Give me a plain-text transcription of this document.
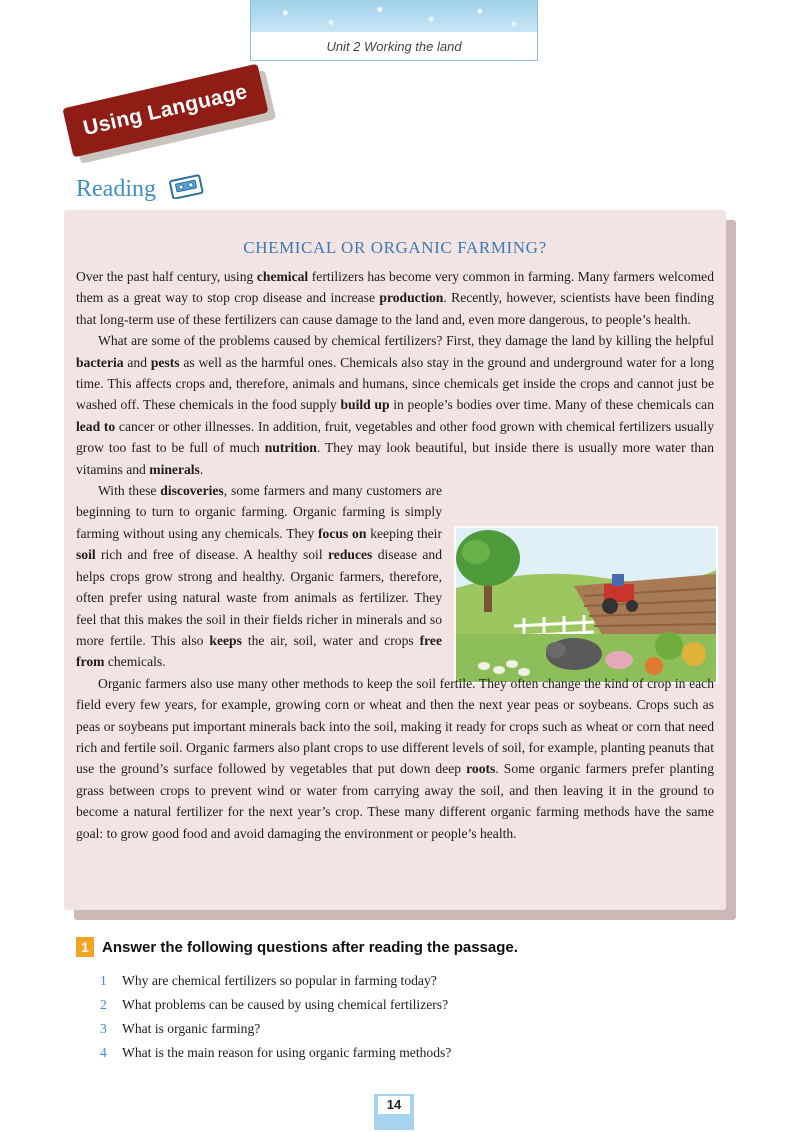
Unit 2 Working the land
Using Language
Reading
CHEMICAL OR ORGANIC FARMING?

Over the past half century, using chemical fertilizers has become very common in farming. Many farmers welcomed them as a great way to stop crop disease and increase production. Recently, however, scientists have been finding that long-term use of these fertilizers can cause damage to the land and, even more dangerous, to people’s health.

What are some of the problems caused by chemical fertilizers? First, they damage the land by killing the helpful bacteria and pests as well as the harmful ones. Chemicals also stay in the ground and underground water for a long time. This affects crops and, therefore, animals and humans, since chemicals get inside the crops and cannot just be washed off. These chemicals in the food supply build up in people’s bodies over time. Many of these chemicals can lead to cancer or other illnesses. In addition, fruit, vegetables and other food grown with chemical fertilizers usually grow too fast to be full of much nutrition. They may look beautiful, but inside there is usually more water than vitamins and minerals.

With these discoveries, some farmers and many customers are beginning to turn to organic farming. Organic farming is simply farming without using any chemicals. They focus on keeping their soil rich and free of disease. A healthy soil reduces disease and helps crops grow strong and healthy. Organic farmers, therefore, often prefer using natural waste from animals as fertilizer. They feel that this makes the soil in their fields richer in minerals and so more fertile. This also keeps the air, soil, water and crops free from chemicals.

Organic farmers also use many other methods to keep the soil fertile. They often change the kind of crop in each field every few years, for example, growing corn or wheat and then the next year peas or soybeans. Crops such as peas or soybeans put important minerals back into the soil, making it ready for crops such as wheat or corn that need rich and fertile soil. Organic farmers also plant crops to use different levels of soil, for example, planting peanuts that use the ground’s surface followed by vegetables that put down deep roots. Some organic farmers prefer planting grass between crops to prevent wind or water from carrying away the soil, and then leaving it in the ground to become a natural fertilizer for the next year’s crop. These many different organic farming methods have the same goal: to grow good food and avoid damaging the environment or people’s health.

1 Answer the following questions after reading the passage.
1 Why are chemical fertilizers so popular in farming today?
2 What problems can be caused by using chemical fertilizers?
3 What is organic farming?
4 What is the main reason for using organic farming methods?
14
